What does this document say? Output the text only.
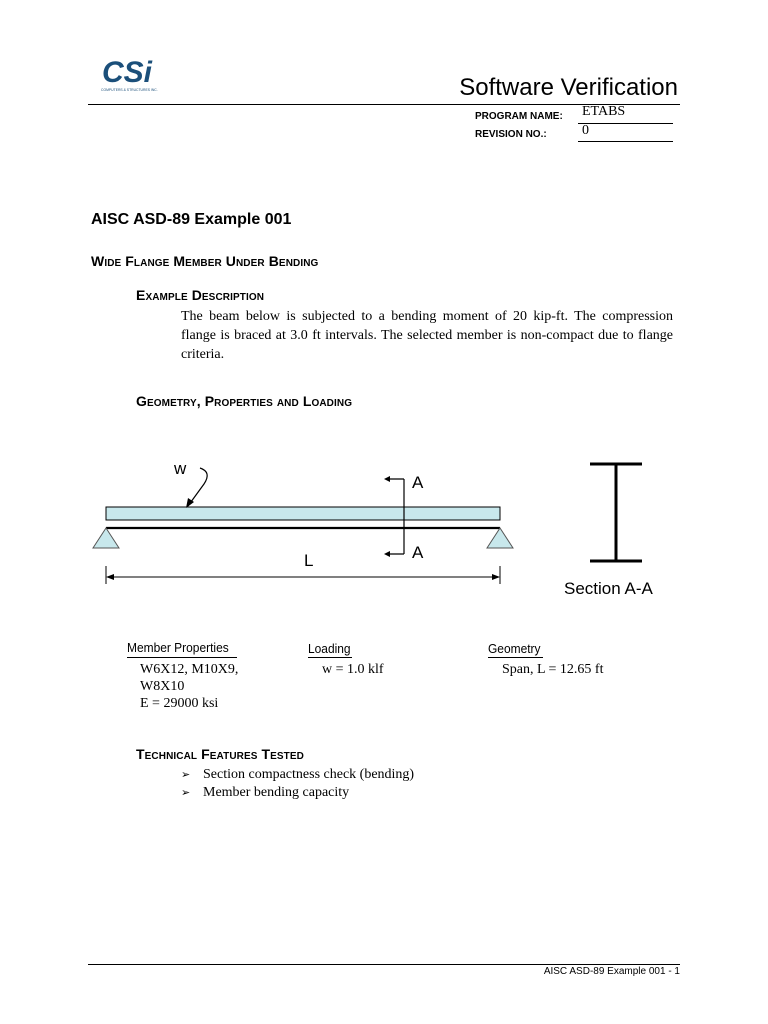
CSi
COMPUTERS & STRUCTURES INC.	Software Verification
PROGRAM NAME: ETABS
REVISION NO.:	0
AISC ASD-89 Example 001
Wide Flange Member Under Bending
Example Description
The beam below is subjected to a bending moment of 20 kip-ft. The compression flange is braced at 3.0 ft intervals. The selected member is non-compact due to flange criteria.
Geometry, Properties and Loading
w
A
A
L
Section A-A
Member Properties
W6X12, M10X9,
W8X10
E = 29000 ksi
Loading
w = 1.0 klf
Geometry
Span, L = 12.65 ft
Technical Features Tested
➢ Section compactness check (bending)
➢ Member bending capacity
AISC ASD-89 Example 001 - 1
